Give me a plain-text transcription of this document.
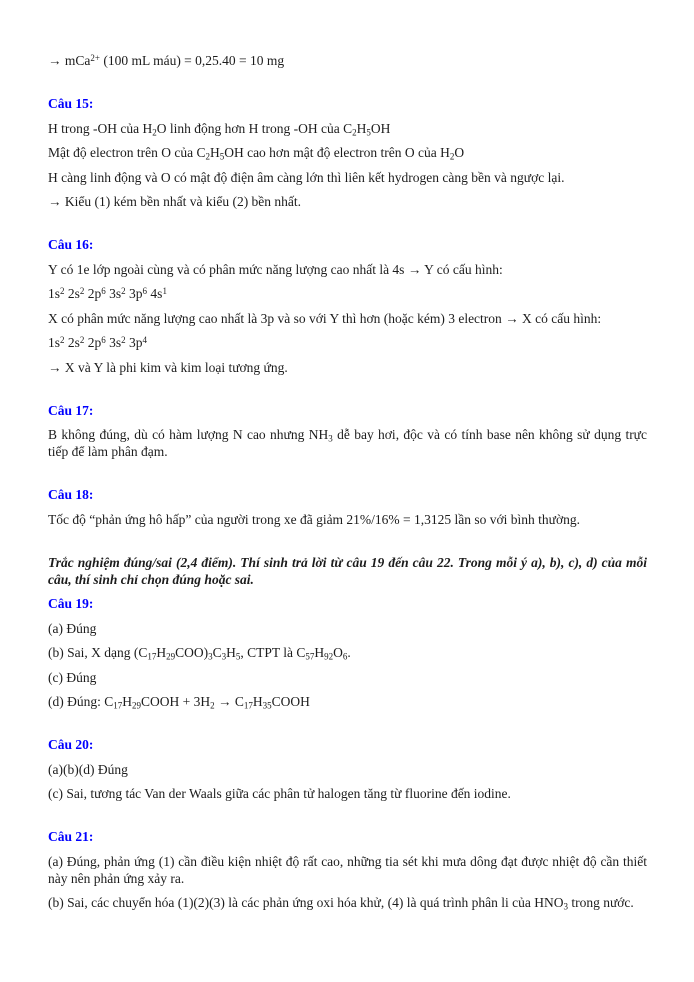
→ mCa$^{2+}$ (100 mL máu) = 0,25.40 = 10 mg

Câu 15:

H trong -OH của $H_2O$ linh động hơn H trong -OH của $C_2H_5OH$

Mật độ electron trên O của $C_2H_5OH$ cao hơn mật độ electron trên O của $H_2O$

H càng linh động và O có mật độ điện âm càng lớn thì liên kết hydrogen càng bền và ngược lại.

→ Kiểu (1) kém bền nhất và kiểu (2) bền nhất.

Câu 16:

Y có 1e lớp ngoài cùng và có phân mức năng lượng cao nhất là 4s → Y có cấu hình:

$1s^2$ $2s^2$ $2p^6$ $3s^2$ $3p^6$ $4s^1$

X có phân mức năng lượng cao nhất là 3p và so với Y thì hơn (hoặc kém) 3 electron → X có cấu hình:

$1s^2$ $2s^2$ $2p^6$ $3s^2$ $3p^4$

→ X và Y là phi kim và kim loại tương ứng.

Câu 17:

B không đúng, dù có hàm lượng N cao nhưng $NH_3$ dễ bay hơi, độc và có tính base nên không sử dụng trực tiếp để làm phân đạm.

Câu 18:

Tốc độ “phản ứng hô hấp” của người trong xe đã giảm 21%/16% = 1,3125 lần so với bình thường.

Trắc nghiệm đúng/sai (2,4 điểm). Thí sinh trả lời từ câu 19 đến câu 22. Trong mỗi ý a), b), c), d) của mỗi câu, thí sinh chỉ chọn đúng hoặc sai.

Câu 19:

(a) Đúng

(b) Sai, X dạng $(C_{17}H_{29}COO)_3C_3H_5$, CTPT là $C_{57}H_{92}O_6$.

(c) Đúng

(d) Đúng: $C_{17}H_{29}COOH + 3H_2$ → $C_{17}H_{35}COOH$

Câu 20:

(a)(b)(d) Đúng

(c) Sai, tương tác Van der Waals giữa các phân tử halogen tăng từ fluorine đến iodine.

Câu 21:

(a) Đúng, phản ứng (1) cần điều kiện nhiệt độ rất cao, những tia sét khi mưa dông đạt được nhiệt độ cần thiết này nên phản ứng xảy ra.

(b) Sai, các chuyển hóa (1)(2)(3) là các phản ứng oxi hóa khử, (4) là quá trình phân li của $HNO_3$ trong nước.
